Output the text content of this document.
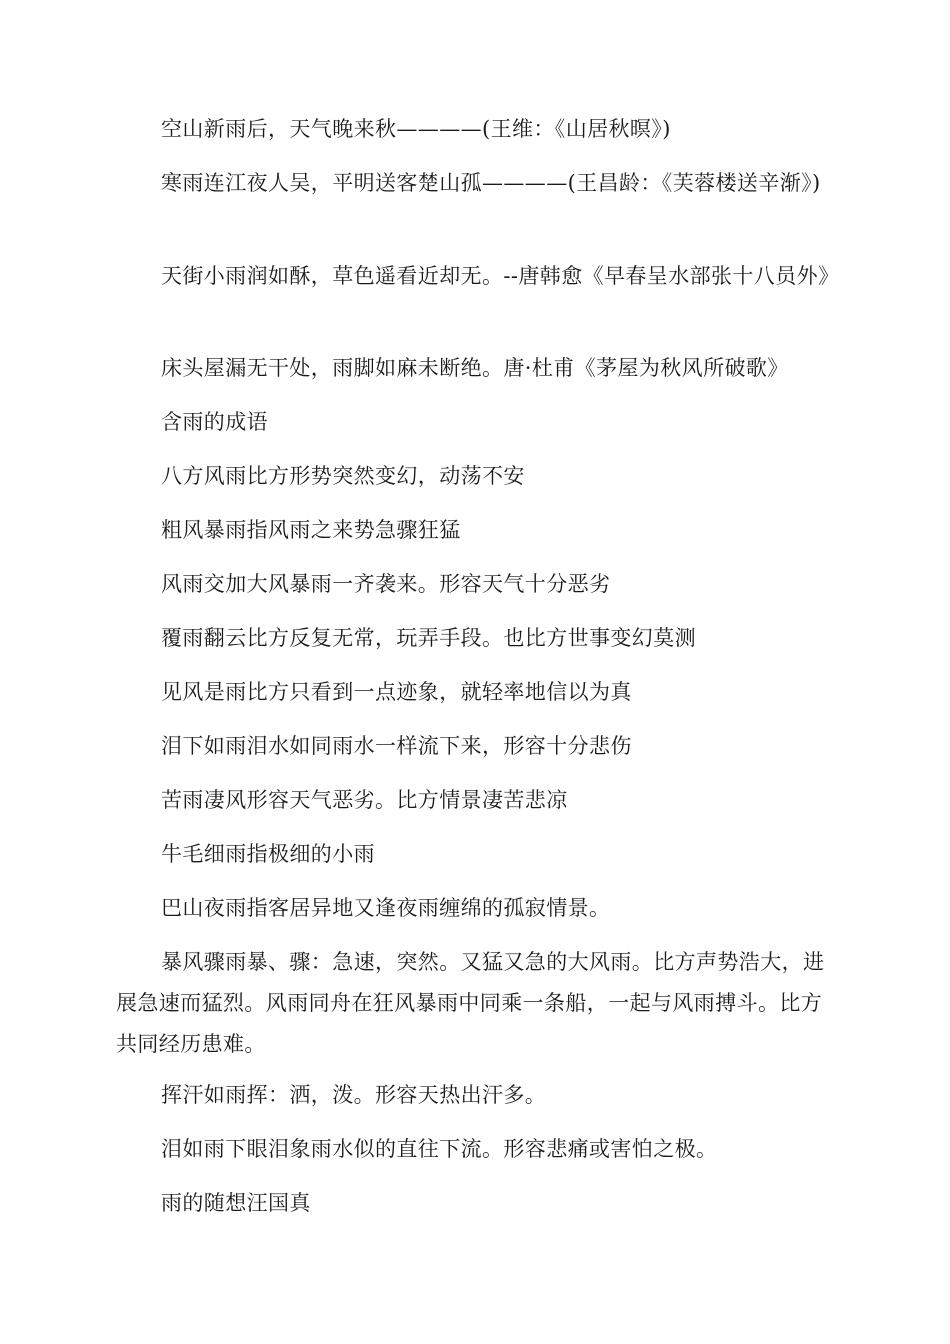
空山新雨后，天气晚来秋————(王维：《山居秋暝》)

寒雨连江夜人吴，平明送客楚山孤————(王昌龄：《芙蓉楼送辛渐》)

天街小雨润如酥，草色遥看近却无。--唐韩愈《早春呈水部张十八员外》

床头屋漏无干处，雨脚如麻未断绝。唐·杜甫《茅屋为秋风所破歌》

含雨的成语

八方风雨比方形势突然变幻，动荡不安

粗风暴雨指风雨之来势急骤狂猛

风雨交加大风暴雨一齐袭来。形容天气十分恶劣

覆雨翻云比方反复无常，玩弄手段。也比方世事变幻莫测

见风是雨比方只看到一点迹象，就轻率地信以为真

泪下如雨泪水如同雨水一样流下来，形容十分悲伤

苦雨凄风形容天气恶劣。比方情景凄苦悲凉

牛毛细雨指极细的小雨

巴山夜雨指客居异地又逢夜雨缠绵的孤寂情景。

暴风骤雨暴、骤：急速，突然。又猛又急的大风雨。比方声势浩大，进展急速而猛烈。风雨同舟在狂风暴雨中同乘一条船，一起与风雨搏斗。比方共同经历患难。

挥汗如雨挥：洒，泼。形容天热出汗多。

泪如雨下眼泪象雨水似的直往下流。形容悲痛或害怕之极。

雨的随想汪国真
